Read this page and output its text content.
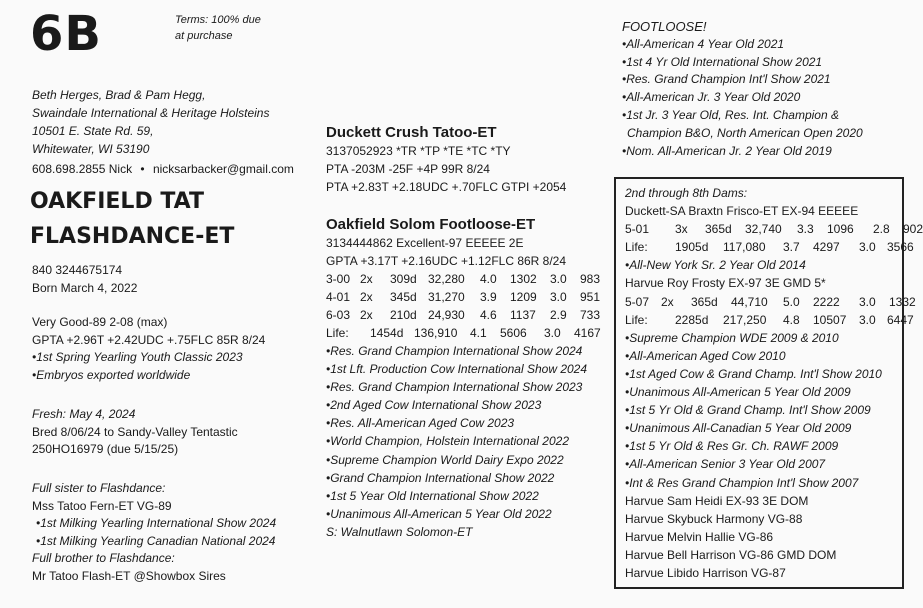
6B	Terms: 100% due
at purchase
Beth Herges, Brad & Pam Hegg,
Swaindale International & Heritage Holsteins
10501 E. State Rd. 59,
Whitewater, WI 53190
608.698.2855 Nick • nicksarbacker@gmail.com
OAKFIELD TAT
FLASHDANCE-ET
840 3244675174
Born March 4, 2022
Very Good-89 2-08 (max)
GPTA +2.96T +2.42UDC +.75FLC 85R 8/24
• 1st Spring Yearling Youth Classic 2023
• Embryos exported worldwide
Fresh: May 4, 2024
Bred 8/06/24 to Sandy-Valley Tentastic
250HO16979 (due 5/15/25)
Full sister to Flashdance:
Mss Tatoo Fern-ET VG-89
• 1st Milking Yearling International Show 2024
• 1st Milking Yearling Canadian National 2024
Full brother to Flashdance:
Mr Tatoo Flash-ET @Showbox Sires
Duckett Crush Tatoo-ET
3137052923 *TR *TP *TE *TC *TY
PTA -203M -25F +4P 99R 8/24
PTA +2.83T +2.18UDC +.70FLC GTPI +2054
Oakfield Solom Footloose-ET
3134444862 Excellent-97 EEEEE 2E
GPTA +3.17T +2.16UDC +1.12FLC 86R 8/24
3-00 2x	309d 32,280	4.0	1302	3.0	983
4-01 2x	345d 31,270	3.9	1209	3.0	951
6-03 2x	210d 24,930	4.6	1137	2.9	733
Life:	1454d 136,910	4.1	5606	3.0	4167
•Res. Grand Champion International Show 2024
•1st Lft. Production Cow International Show 2024
•Res. Grand Champion International Show 2023
•2nd Aged Cow International Show 2023
•Res. All-American Aged Cow 2023
•World Champion, Holstein International 2022
•Supreme Champion World Dairy Expo 2022
•Grand Champion International Show 2022
•1st 5 Year Old International Show 2022
•Unanimous All-American 5 Year Old 2022
S: Walnutlawn Solomon-ET
FOOTLOOSE!
•All-American 4 Year Old 2021
•1st 4 Yr Old International Show 2021
•Res. Grand Champion Int'l Show 2021
•All-American Jr. 3 Year Old 2020
•1st Jr. 3 Year Old, Res. Int. Champion &
Champion B&O, North American Open 2020
•Nom. All-American Jr. 2 Year Old 2019
2nd through 8th Dams:
Duckett-SA Braxtn Frisco-ET EX-94 EEEEE
5-01	3x	365d	32,740	3.3	1096	2.8	902
Life:	1905d	117,080	3.7	4297	3.0 3566
•All-New York Sr. 2 Year Old 2014
Harvue Roy Frosty EX-97 3E GMD 5*
5-07 2x	365d	44,710	5.0	2222	3.0	1332
Life:	2285d	217,250	4.8	10507	3.0 6447
•Supreme Champion WDE 2009 & 2010
•All-American Aged Cow 2010
•1st Aged Cow & Grand Champ. Int'l Show 2010
•Unanimous All-American 5 Year Old 2009
•1st 5 Yr Old & Grand Champ. Int'l Show 2009
•Unanimous All-Canadian 5 Year Old 2009
•1st 5 Yr Old & Res Gr. Ch. RAWF 2009
•All-American Senior 3 Year Old 2007
•Int & Res Grand Champion Int'l Show 2007
Harvue Sam Heidi EX-93 3E DOM
Harvue Skybuck Harmony VG-88
Harvue Melvin Hallie VG-86
Harvue Bell Harrison VG-86 GMD DOM
Harvue Libido Harrison VG-87
